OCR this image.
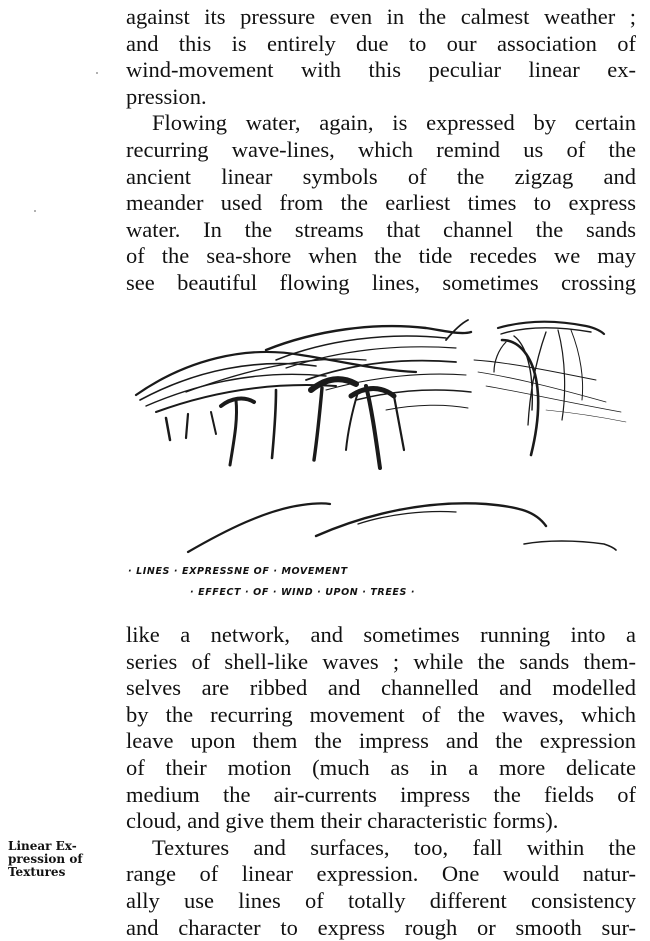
against its pressure even in the calmest weather ;
and this is entirely due to our association of
wind-movement with this peculiar linear ex-
pression.
Flowing water, again, is expressed by certain
recurring wave-lines, which remind us of the
ancient linear symbols of the zigzag and
meander used from the earliest times to express
water. In the streams that channel the sands
of the sea-shore when the tide recedes we may
see beautiful flowing lines, sometimes crossing
· LINES · EXPRESSNE OF · MOVEMENT
· EFFECT · OF · WIND · UPON · TREES ·
like a network, and sometimes running into a
series of shell-like waves ; while the sands them-
selves are ribbed and channelled and modelled
by the recurring movement of the waves, which
leave upon them the impress and the expression
of their motion (much as in a more delicate
medium the air-currents impress the fields of
cloud, and give them their characteristic forms).
Textures and surfaces, too, fall within the
range of linear expression. One would natur-
ally use lines of totally different consistency
and character to express rough or smooth sur-
Linear Ex-
pression of
Textures
